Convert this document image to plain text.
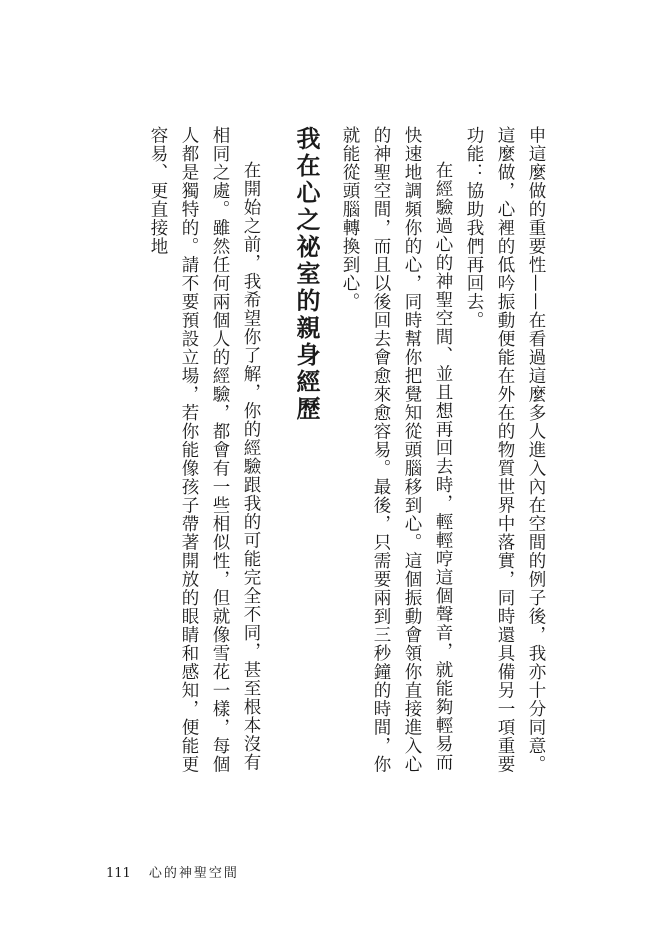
申這麼做的重要性——在看過這麼多人進入內在空間的例子後，我亦十分同意。這麼做，心裡的低吟振動便能在外在的物質世界中落實，同時還具備另一項重要功能：協助我們再回去。

在經驗過心的神聖空間、並且想再回去時，輕輕哼這個聲音，就能夠輕易而快速地調頻你的心，同時幫你把覺知從頭腦移到心。這個振動會領你直接進入心的神聖空間，而且以後回去會愈來愈容易。最後，只需要兩到三秒鐘的時間，你就能從頭腦轉換到心。

我在心之祕室的親身經歷

在開始之前，我希望你了解，你的經驗跟我的可能完全不同，甚至根本沒有相同之處。雖然任何兩個人的經驗，都會有一些相似性，但就像雪花一樣，每個人都是獨特的。請不要預設立場，若你能像孩子帶著開放的眼睛和感知，便能更容易、更直接地

111 心的神聖空間
